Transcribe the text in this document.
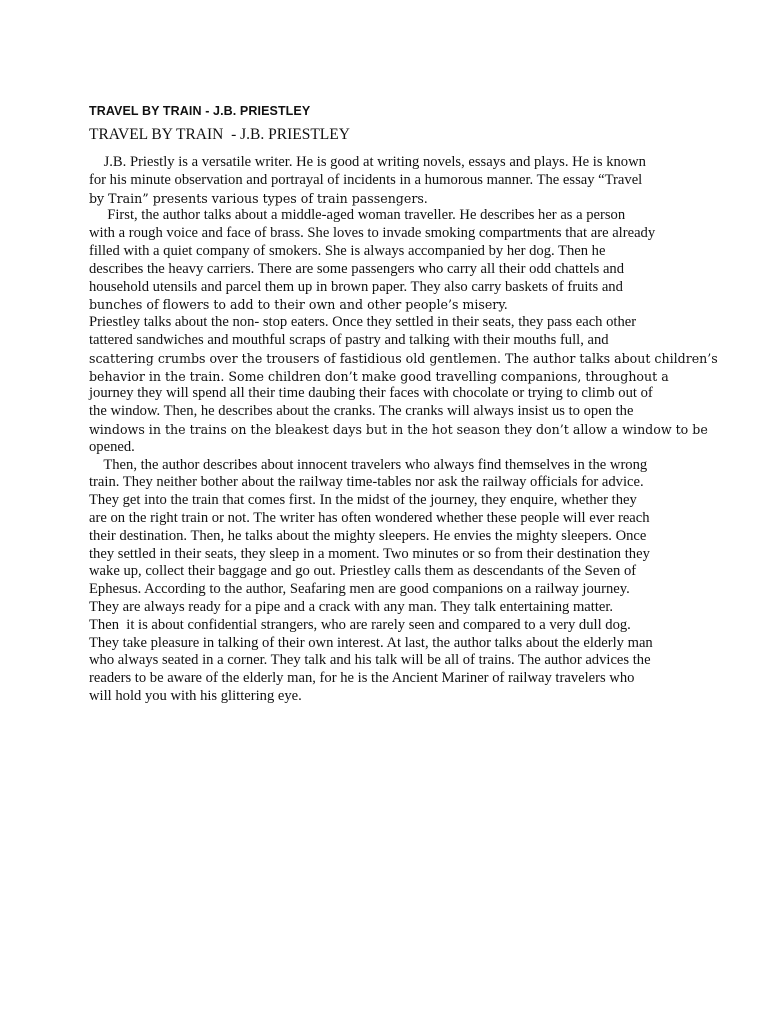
TRAVEL BY TRAIN - J.B. PRIESTLEY
TRAVEL BY TRAIN  - J.B. PRIESTLEY
J.B. Priestly is a versatile writer. He is good at writing novels, essays and plays. He is known
for his minute observation and portrayal of incidents in a humorous manner. The essay “Travel
by Train” presents various types of train passengers.
First, the author talks about a middle-aged woman traveller. He describes her as a person
with a rough voice and face of brass. She loves to invade smoking compartments that are already
filled with a quiet company of smokers. She is always accompanied by her dog. Then he
describes the heavy carriers. There are some passengers who carry all their odd chattels and
household utensils and parcel them up in brown paper. They also carry baskets of fruits and
bunches of flowers to add to their own and other people’s misery.
Priestley talks about the non- stop eaters. Once they settled in their seats, they pass each other
tattered sandwiches and mouthful scraps of pastry and talking with their mouths full, and
scattering crumbs over the trousers of fastidious old gentlemen. The author talks about children’s
behavior in the train. Some children don’t make good travelling companions, throughout a
journey they will spend all their time daubing their faces with chocolate or trying to climb out of
the window. Then, he describes about the cranks. The cranks will always insist us to open the
windows in the trains on the bleakest days but in the hot season they don’t allow a window to be
opened.
Then, the author describes about innocent travelers who always find themselves in the wrong
train. They neither bother about the railway time-tables nor ask the railway officials for advice.
They get into the train that comes first. In the midst of the journey, they enquire, whether they
are on the right train or not. The writer has often wondered whether these people will ever reach
their destination. Then, he talks about the mighty sleepers. He envies the mighty sleepers. Once
they settled in their seats, they sleep in a moment. Two minutes or so from their destination they
wake up, collect their baggage and go out. Priestley calls them as descendants of the Seven of
Ephesus. According to the author, Seafaring men are good companions on a railway journey.
They are always ready for a pipe and a crack with any man. They talk entertaining matter.
Then  it is about confidential strangers, who are rarely seen and compared to a very dull dog.
They take pleasure in talking of their own interest. At last, the author talks about the elderly man
who always seated in a corner. They talk and his talk will be all of trains. The author advices the
readers to be aware of the elderly man, for he is the Ancient Mariner of railway travelers who
will hold you with his glittering eye.
